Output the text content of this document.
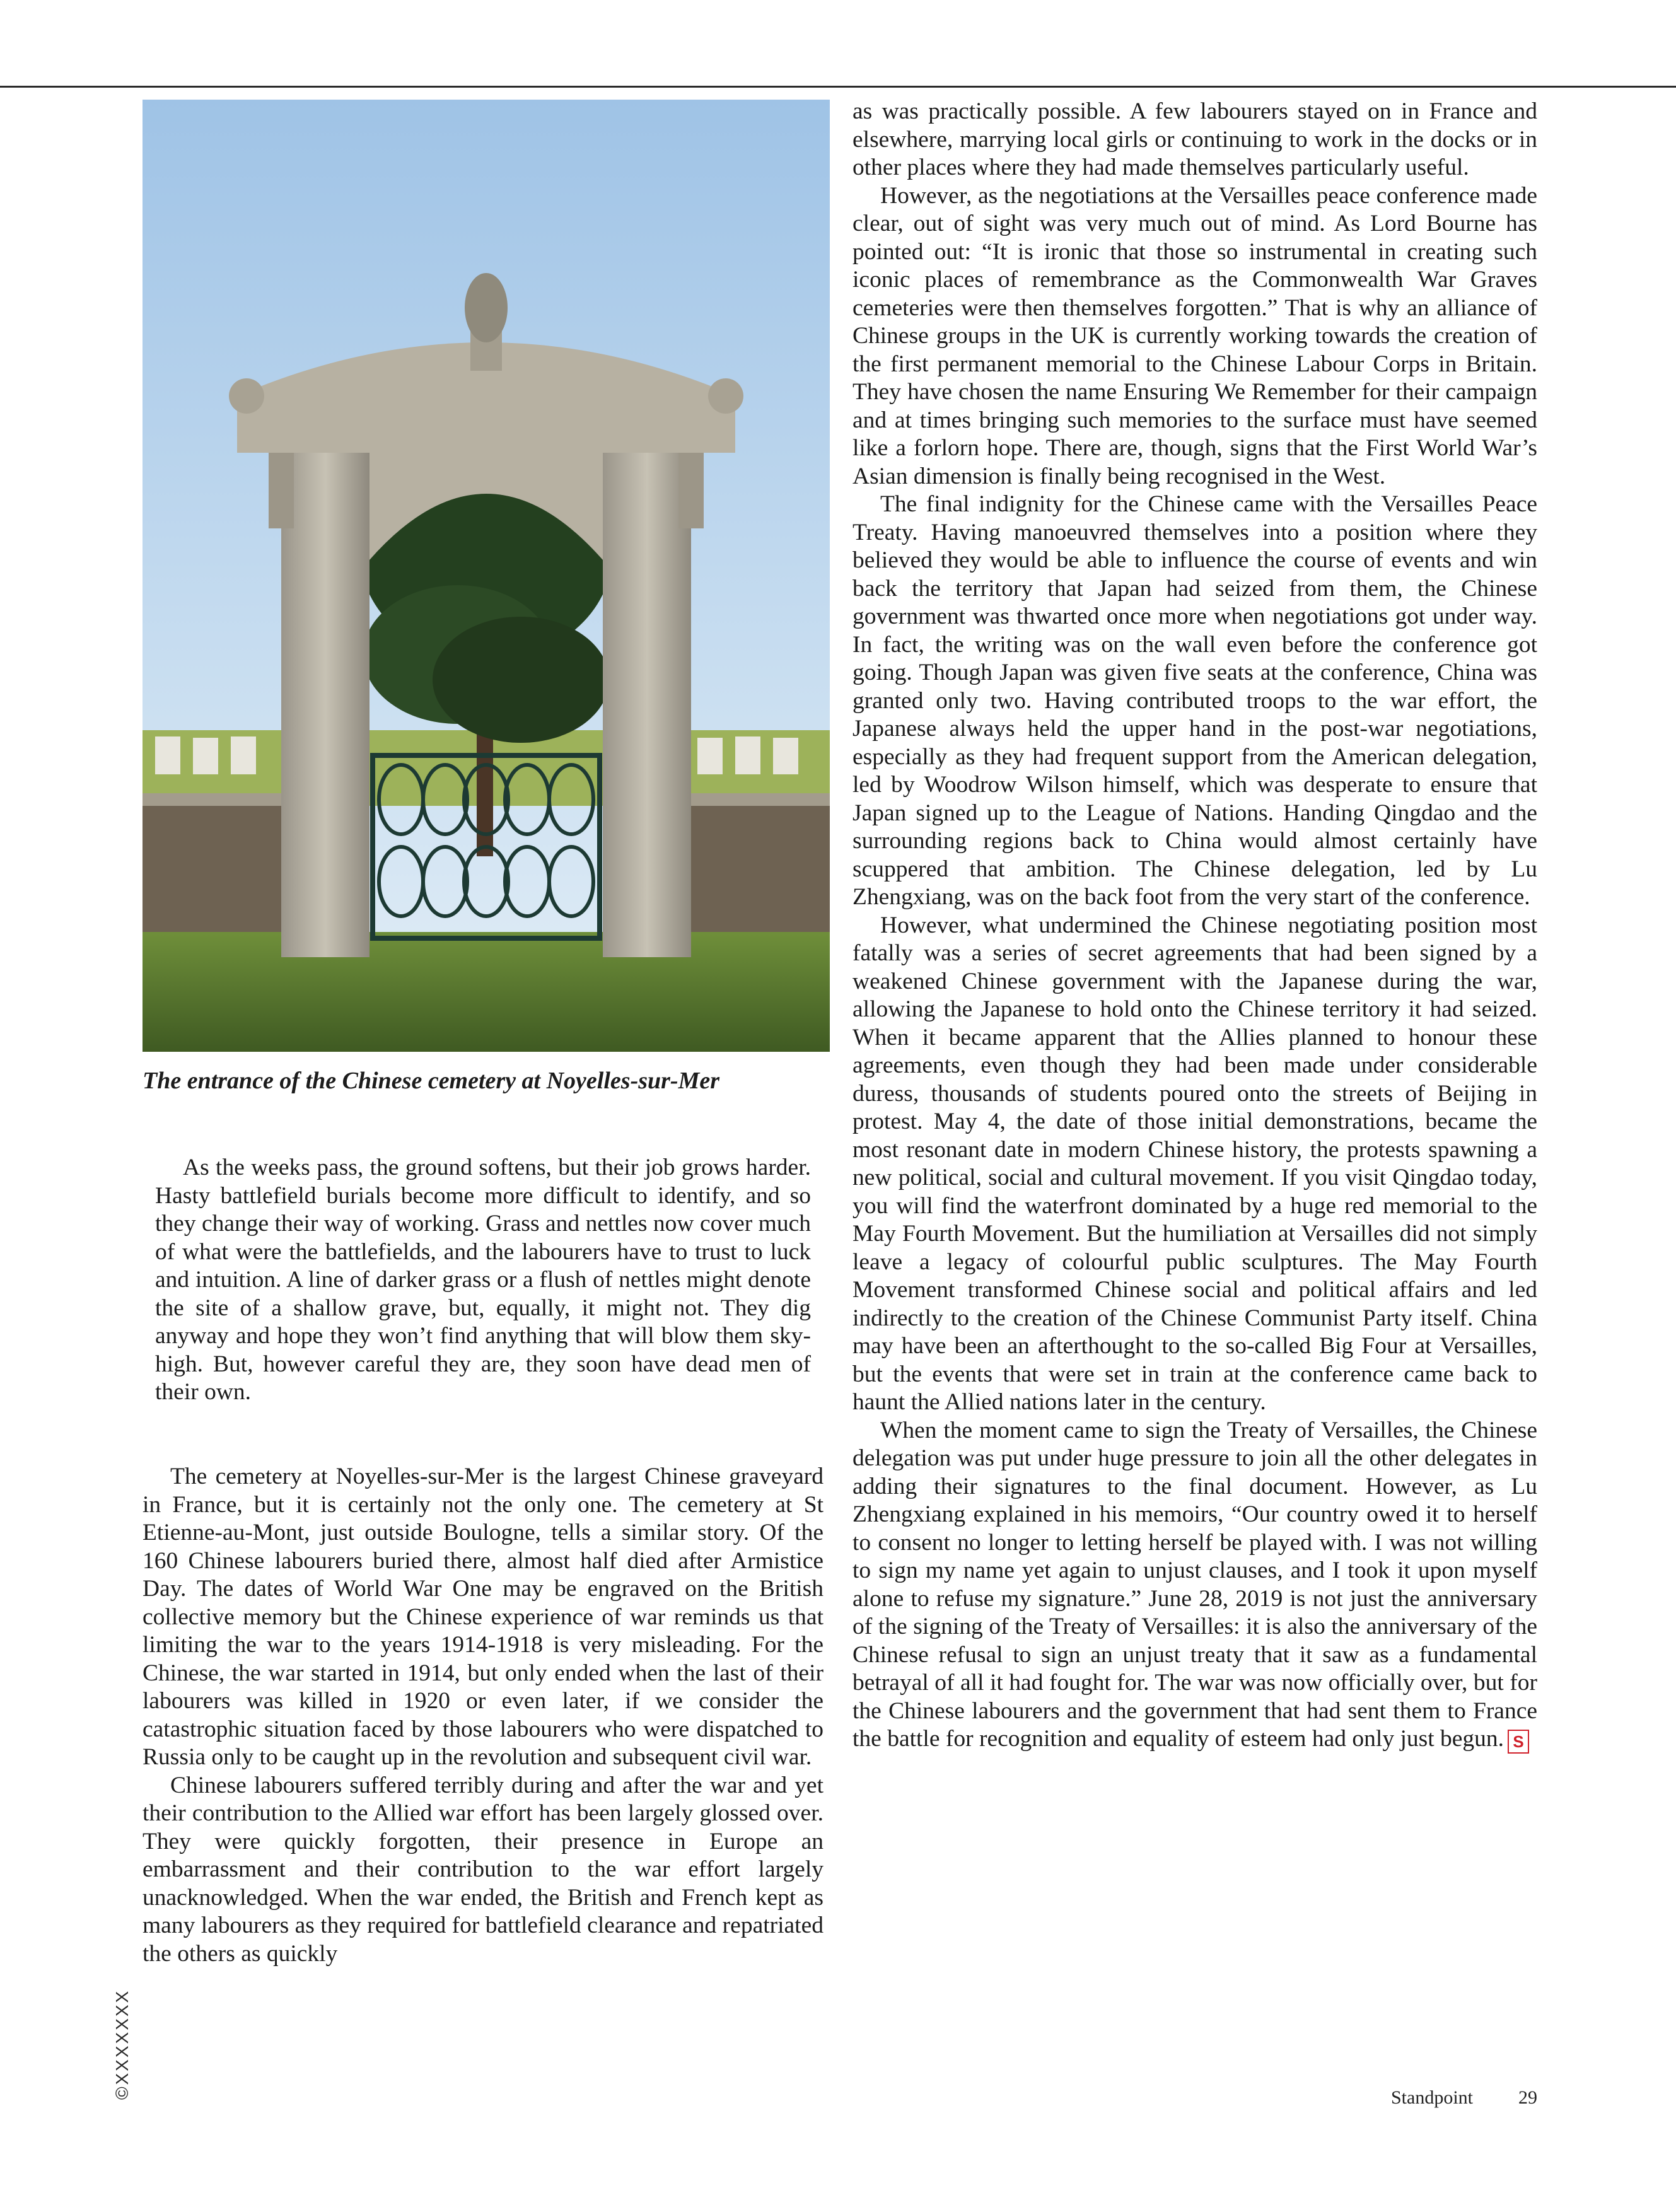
The entrance of the Chinese cemetery at Noyelles-sur-Mer

As the weeks pass, the ground softens, but their job grows harder. Hasty battlefield burials become more difficult to identify, and so they change their way of working. Grass and nettles now cover much of what were the battlefields, and the labourers have to trust to luck and intuition. A line of darker grass or a flush of nettles might denote the site of a shallow grave, but, equally, it might not. They dig anyway and hope they won’t find anything that will blow them sky-high. But, however careful they are, they soon have dead men of their own.

The cemetery at Noyelles-sur-Mer is the largest Chinese graveyard in France, but it is certainly not the only one. The cemetery at St Etienne-au-Mont, just outside Boulogne, tells a similar story. Of the 160 Chinese labourers buried there, almost half died after Armistice Day. The dates of World War One may be engraved on the British collective memory but the Chinese experience of war reminds us that limiting the war to the years 1914-1918 is very misleading. For the Chinese, the war started in 1914, but only ended when the last of their labourers was killed in 1920 or even later, if we consider the catastrophic situation faced by those labourers who were dispatched to Russia only to be caught up in the revolution and subsequent civil war.

Chinese labourers suffered terribly during and after the war and yet their contribution to the Allied war effort has been largely glossed over. They were quickly forgotten, their presence in Europe an embarrassment and their contribution to the war effort largely unacknowledged. When the war ended, the British and French kept as many labourers as they required for battlefield clearance and repatriated the others as quickly

as was practically possible. A few labourers stayed on in France and elsewhere, marrying local girls or continuing to work in the docks or in other places where they had made themselves particularly useful.

However, as the negotiations at the Versailles peace conference made clear, out of sight was very much out of mind. As Lord Bourne has pointed out: “It is ironic that those so instrumental in creating such iconic places of remembrance as the Commonwealth War Graves cemeteries were then themselves forgotten.” That is why an alliance of Chinese groups in the UK is currently working towards the creation of the first permanent memorial to the Chinese Labour Corps in Britain. They have chosen the name Ensuring We Remember for their campaign and at times bringing such memories to the surface must have seemed like a forlorn hope. There are, though, signs that the First World War’s Asian dimension is finally being recognised in the West.

The final indignity for the Chinese came with the Versailles Peace Treaty. Having manoeuvred themselves into a position where they believed they would be able to influence the course of events and win back the territory that Japan had seized from them, the Chinese government was thwarted once more when negotiations got under way. In fact, the writing was on the wall even before the conference got going. Though Japan was given five seats at the conference, China was granted only two. Having contributed troops to the war effort, the Japanese always held the upper hand in the post-war negotiations, especially as they had frequent support from the American delegation, led by Woodrow Wilson himself, which was desperate to ensure that Japan signed up to the League of Nations. Handing Qingdao and the surrounding regions back to China would almost certainly have scuppered that ambition. The Chinese delegation, led by Lu Zhengxiang, was on the back foot from the very start of the conference.

However, what undermined the Chinese negotiating position most fatally was a series of secret agreements that had been signed by a weakened Chinese government with the Japanese during the war, allowing the Japanese to hold onto the Chinese territory it had seized. When it became apparent that the Allies planned to honour these agreements, even though they had been made under considerable duress, thousands of students poured onto the streets of Beijing in protest. May 4, the date of those initial demonstrations, became the most resonant date in modern Chinese history, the protests spawning a new political, social and cultural movement. If you visit Qingdao today, you will find the waterfront dominated by a huge red memorial to the May Fourth Movement. But the humiliation at Versailles did not simply leave a legacy of colourful public sculptures. The May Fourth Movement transformed Chinese social and political affairs and led indirectly to the creation of the Chinese Communist Party itself. China may have been an afterthought to the so-called Big Four at Versailles, but the events that were set in train at the conference came back to haunt the Allied nations later in the century.

When the moment came to sign the Treaty of Versailles, the Chinese delegation was put under huge pressure to join all the other delegates in adding their signatures to the final document. However, as Lu Zhengxiang explained in his memoirs, “Our country owed it to herself to consent no longer to letting herself be played with. I was not willing to sign my name yet again to unjust clauses, and I took it upon myself alone to refuse my signature.” June 28, 2019 is not just the anniversary of the signing of the Treaty of Versailles: it is also the anniversary of the Chinese refusal to sign an unjust treaty that it saw as a fundamental betrayal of all it had fought for. The war was now officially over, but for the Chinese labourers and the government that had sent them to France the battle for recognition and equality of esteem had only just begun. S

©XXXXXXX	Standpoint 29
